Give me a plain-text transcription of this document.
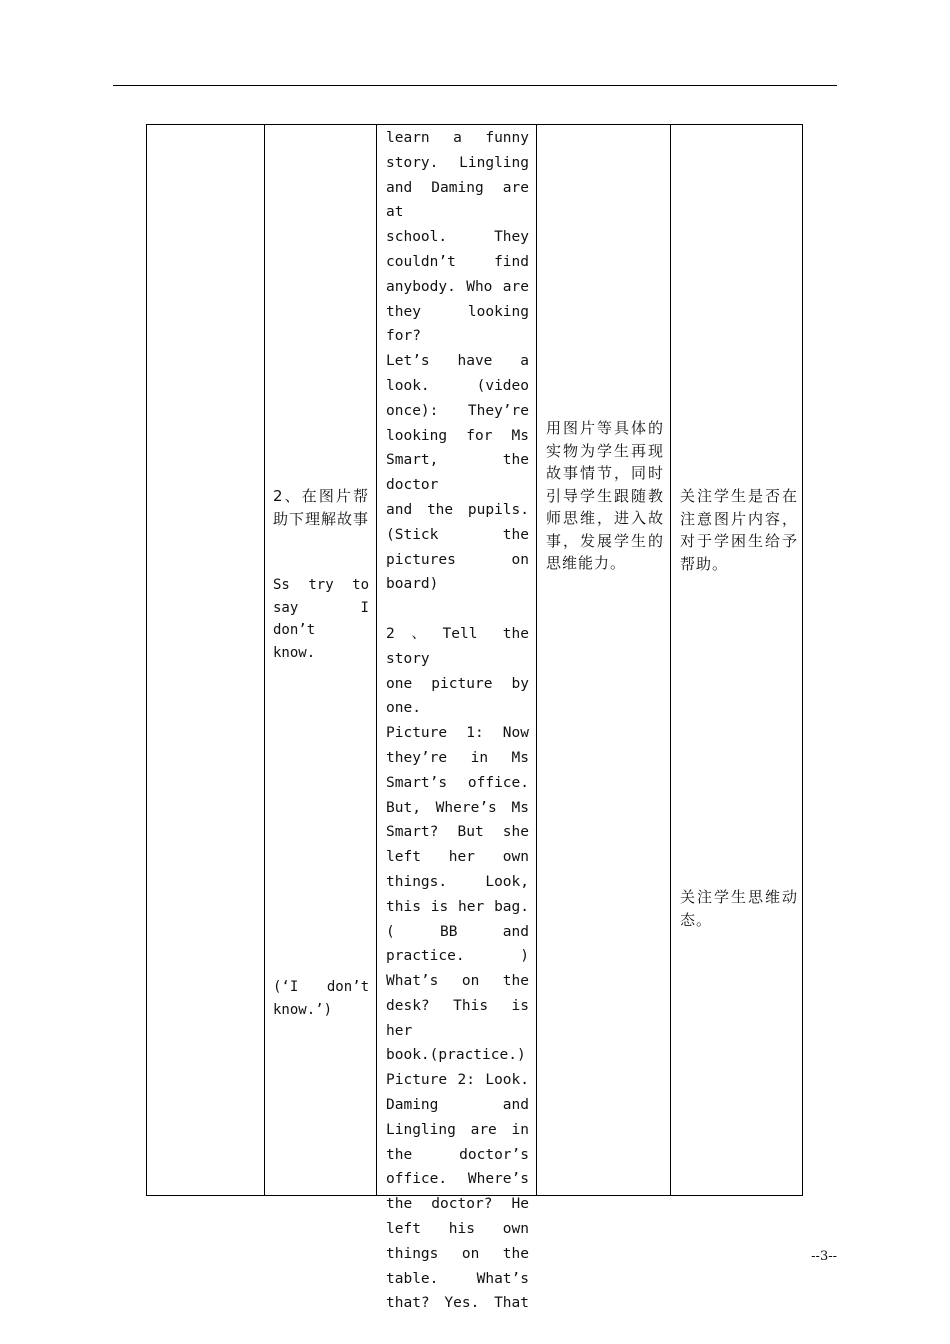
2、在图片帮助下理解故事
Ss try to
say I
don’t
know.
(‘I don’t
know.’)
learn a funny
story. Lingling
and Daming are at
school. They
couldn’t find
anybody. Who are
they looking for?
Let’s have a
look. (video
once): They’re
looking for Ms
Smart, the doctor
and the pupils.
(Stick the
pictures on
board)

2、Tell the story
one picture by
one.
Picture 1: Now
they’re in Ms
Smart’s office.
But, Where’s Ms
Smart? But she
left her own
things. Look,
this is her bag.
( BB and
practice. )
What’s on the
desk? This is her
book.(practice.)
Picture 2: Look.
Daming and
Lingling are in
the doctor’s
office. Where’s
the doctor? He
left his own
things on the
table. What’s
that? Yes. That
用图片等具体的实物为学生再现故事情节，同时引导学生跟随教师思维，进入故事，发展学生的思维能力。
关注学生是否在注意图片内容，对于学困生给予帮助。
关注学生思维动态。
--3--
